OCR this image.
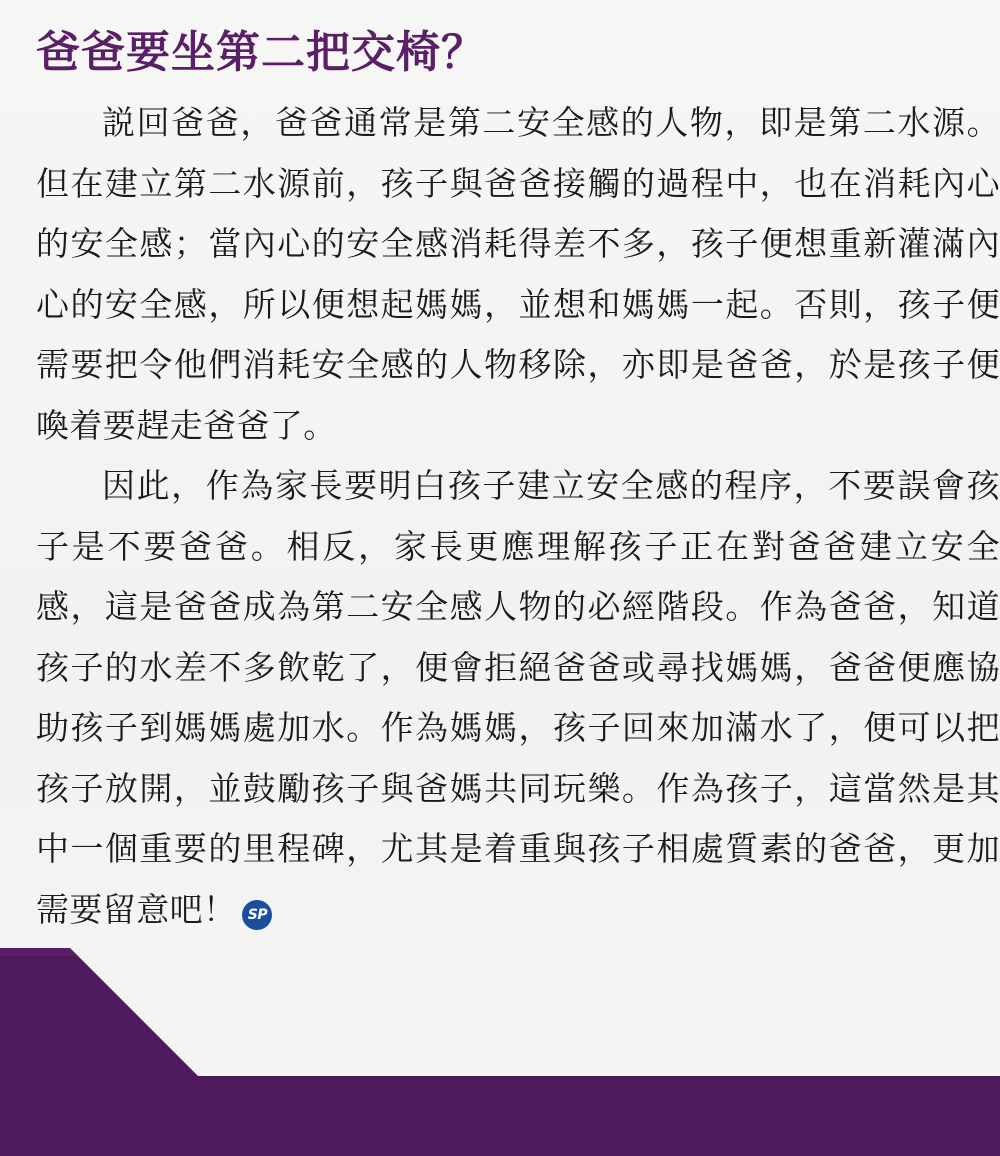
爸爸要坐第二把交椅？

説回爸爸，爸爸通常是第二安全感的人物，即是第二水源。但在建立第二水源前，孩子與爸爸接觸的過程中，也在消耗內心的安全感；當內心的安全感消耗得差不多，孩子便想重新灌滿內心的安全感，所以便想起媽媽，並想和媽媽一起。否則，孩子便需要把令他們消耗安全感的人物移除，亦即是爸爸，於是孩子便喚着要趕走爸爸了。

因此，作為家長要明白孩子建立安全感的程序，不要誤會孩子是不要爸爸。相反，家長更應理解孩子正在對爸爸建立安全感，這是爸爸成為第二安全感人物的必經階段。作為爸爸，知道孩子的水差不多飲乾了，便會拒絕爸爸或尋找媽媽，爸爸便應協助孩子到媽媽處加水。作為媽媽，孩子回來加滿水了，便可以把孩子放開，並鼓勵孩子與爸媽共同玩樂。作為孩子，這當然是其中一個重要的里程碑，尤其是着重與孩子相處質素的爸爸，更加需要留意吧！ SP
